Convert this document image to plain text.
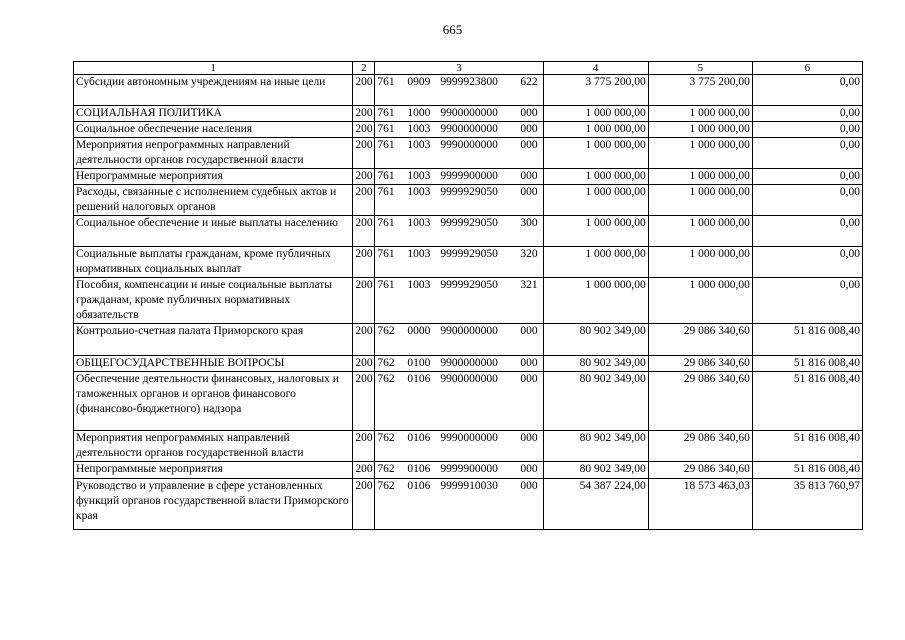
665
1	2	3	4	5	6
Субсидии автономным учреждениям на иные цели	200	761 0909 9999923800 622	3 775 200,00	3 775 200,00	0,00
СОЦИАЛЬНАЯ ПОЛИТИКА	200	761 1000 9900000000 000	1 000 000,00	1 000 000,00	0,00
Социальное обеспечение населения	200	761 1003 9900000000 000	1 000 000,00	1 000 000,00	0,00
Мероприятия непрограммных направлений деятельности органов государственной власти	200	761 1003 9990000000 000	1 000 000,00	1 000 000,00	0,00
Непрограммные мероприятия	200	761 1003 9999900000 000	1 000 000,00	1 000 000,00	0,00
Расходы, связанные с исполнением судебных актов и решений налоговых органов	200	761 1003 9999929050 000	1 000 000,00	1 000 000,00	0,00
Социальное обеспечение и иные выплаты населению	200	761 1003 9999929050 300	1 000 000,00	1 000 000,00	0,00
Социальные выплаты гражданам, кроме публичных нормативных социальных выплат	200	761 1003 9999929050 320	1 000 000,00	1 000 000,00	0,00
Пособия, компенсации и иные социальные выплаты гражданам, кроме публичных нормативных обязательств	200	761 1003 9999929050 321	1 000 000,00	1 000 000,00	0,00
Контрольно-счетная палата Приморского края	200	762 0000 9900000000 000	80 902 349,00	29 086 340,60	51 816 008,40
ОБЩЕГОСУДАРСТВЕННЫЕ ВОПРОСЫ	200	762 0100 9900000000 000	80 902 349,00	29 086 340,60	51 816 008,40
Обеспечение деятельности финансовых, налоговых и таможенных органов и органов финансового (финансово-бюджетного) надзора	200	762 0106 9900000000 000	80 902 349,00	29 086 340,60	51 816 008,40
Мероприятия непрограммных направлений деятельности органов государственной власти	200	762 0106 9990000000 000	80 902 349,00	29 086 340,60	51 816 008,40
Непрограммные мероприятия	200	762 0106 9999900000 000	80 902 349,00	29 086 340,60	51 816 008,40
Руководство и управление в сфере установленных функций органов государственной власти Приморского края	200	762 0106 9999910030 000	54 387 224,00	18 573 463,03	35 813 760,97
